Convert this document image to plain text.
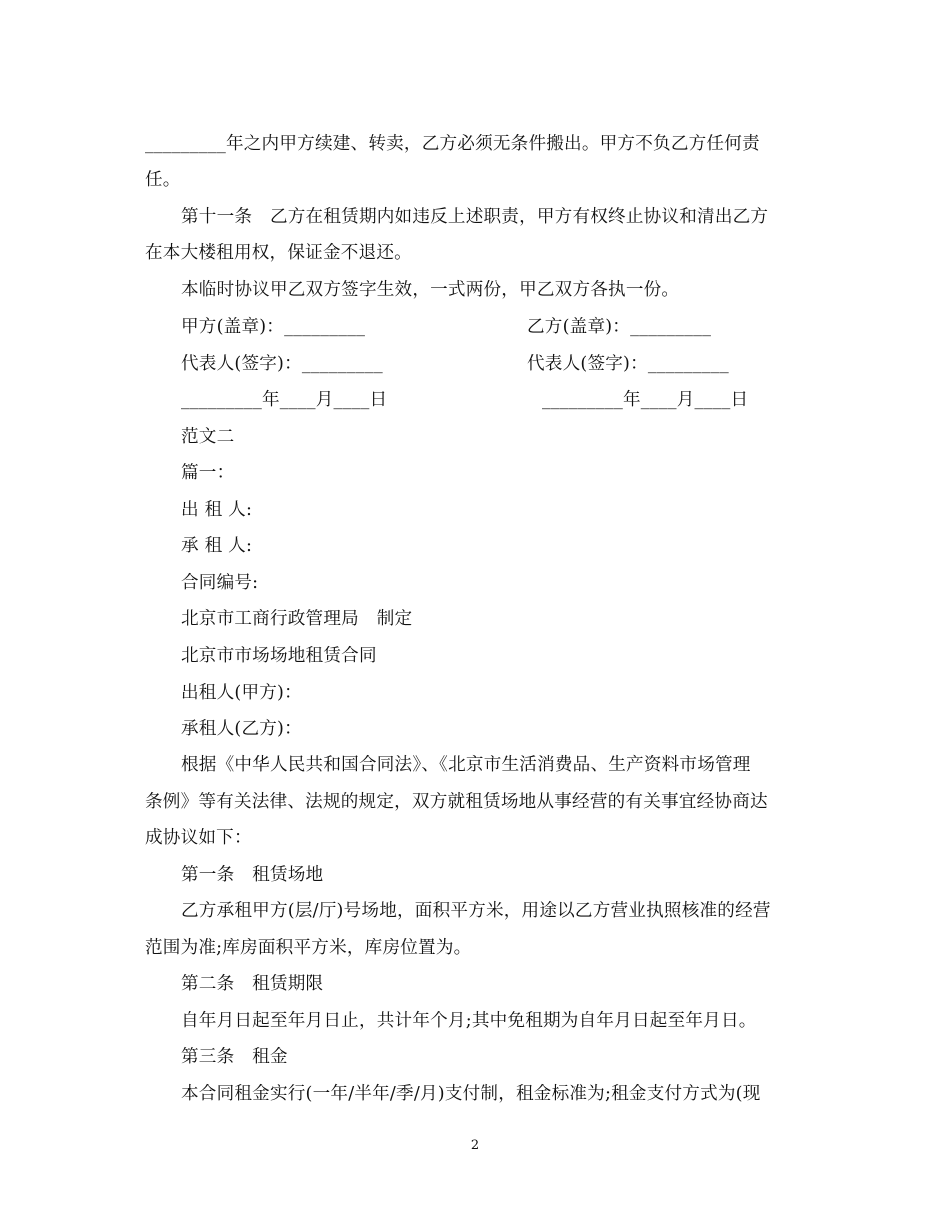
_________年之内甲方续建、转卖，乙方必须无条件搬出。甲方不负乙方任何责
任。
第十一条　乙方在租赁期内如违反上述职责，甲方有权终止协议和清出乙方
在本大楼租用权，保证金不退还。
本临时协议甲乙双方签字生效，一式两份，甲乙双方各执一份。
甲方(盖章)：_________	乙方(盖章)：_________
代表人(签字)：_________	代表人(签字)：_________
_________年____月____日	_________年____月____日
范文二
篇一：
出 租 人:
承 租 人:
合同编号:
北京市工商行政管理局　制定
北京市市场场地租赁合同
出租人(甲方)：
承租人(乙方)：
根据《中华人民共和国合同法》、《北京市生活消费品、生产资料市场管理
条例》等有关法律、法规的规定，双方就租赁场地从事经营的有关事宜经协商达
成协议如下：
第一条　租赁场地
乙方承租甲方(层/厅)号场地，面积平方米，用途以乙方营业执照核准的经营
范围为准;库房面积平方米，库房位置为。
第二条　租赁期限
自年月日起至年月日止，共计年个月;其中免租期为自年月日起至年月日。
第三条　租金
本合同租金实行(一年/半年/季/月)支付制，租金标准为;租金支付方式为(现
2
